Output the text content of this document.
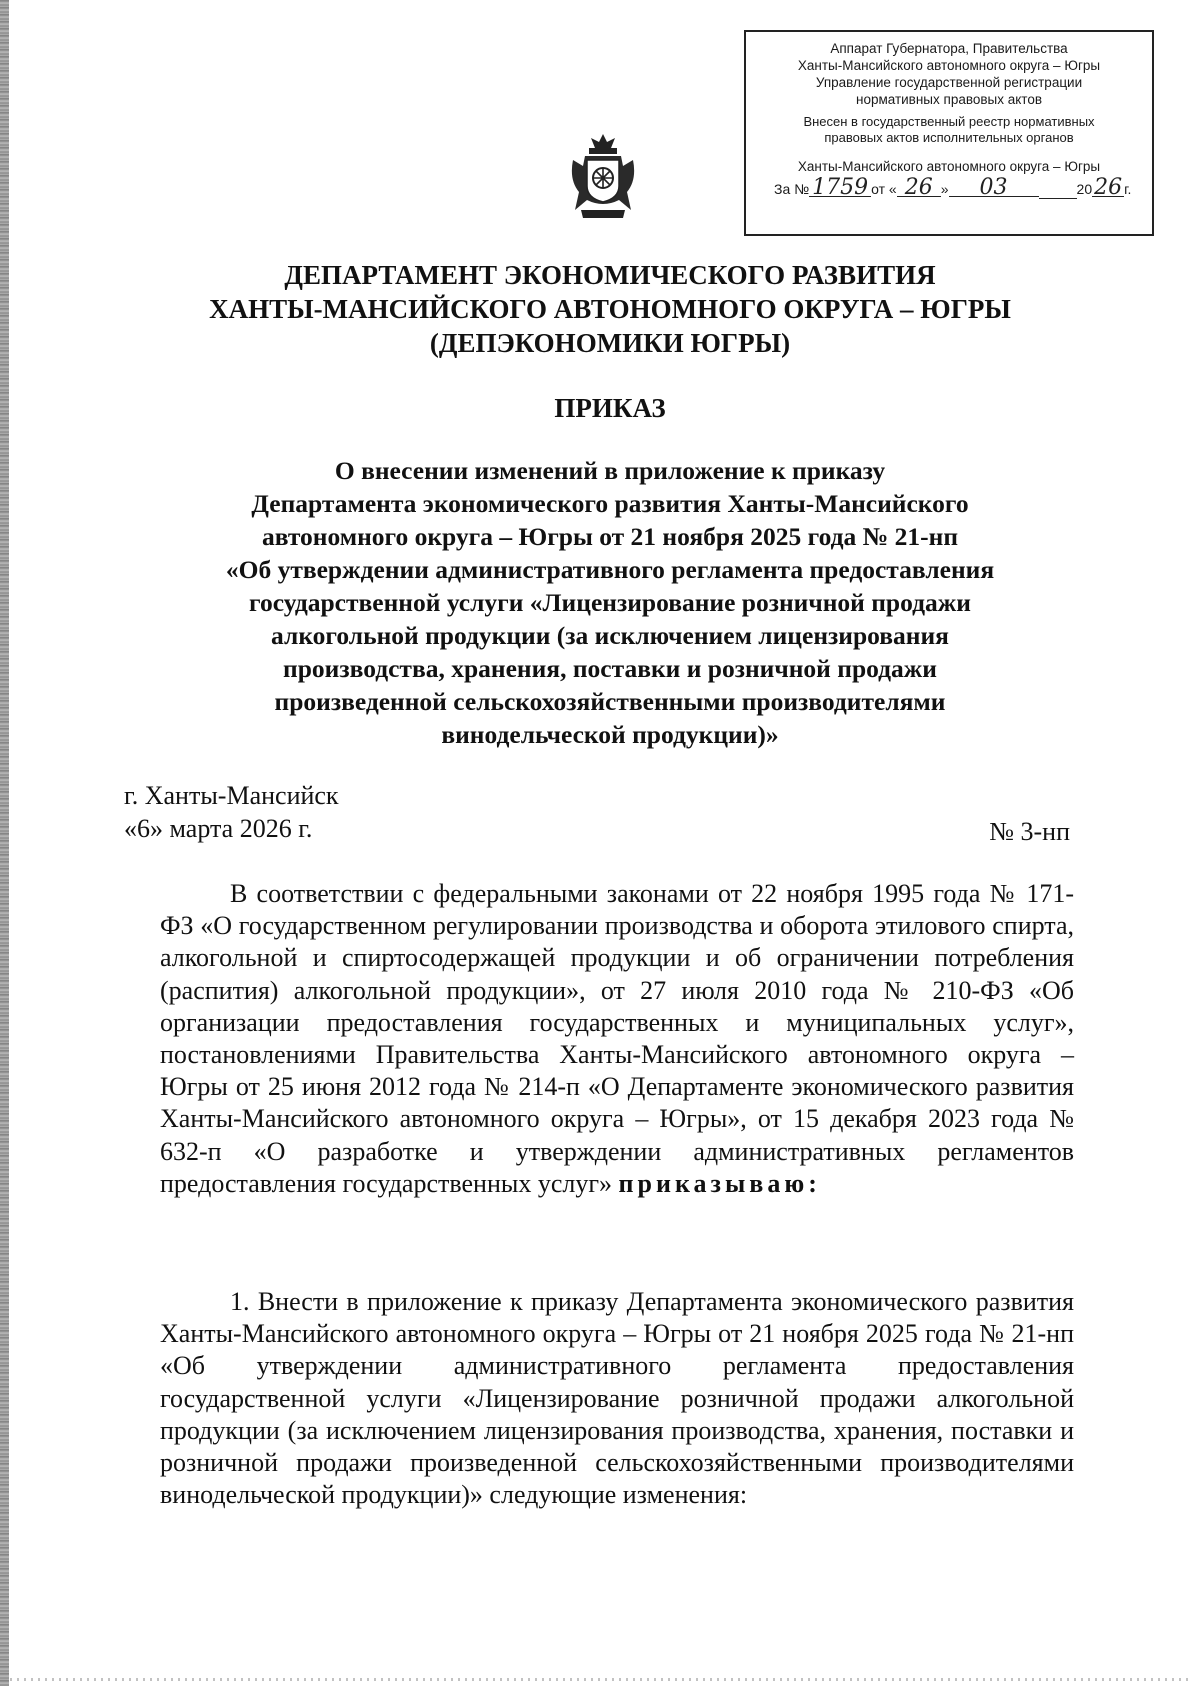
Аппарат Губернатора, Правительства
Ханты-Мансийского автономного округа – Югры
Управление государственной регистрации
нормативных правовых актов
Внесен в государственный реестр нормативных
правовых актов исполнительных органов
Ханты-Мансийского автономного округа – Югры
За № 1759 от « 26 » 03	2026 г.

ДЕПАРТАМЕНТ ЭКОНОМИЧЕСКОГО РАЗВИТИЯ

ХАНТЫ-МАНСИЙСКОГО АВТОНОМНОГО ОКРУГА – ЮГРЫ

(ДЕПЭКОНОМИКИ ЮГРЫ)

ПРИКАЗ

О внесении изменений в приложение к приказу

Департамента экономического развития Ханты-Мансийского

автономного округа – Югры от 21 ноября 2025 года № 21-нп

«Об утверждении административного регламента предоставления

государственной услуги «Лицензирование розничной продажи

алкогольной продукции (за исключением лицензирования

производства, хранения, поставки и розничной продажи

произведенной сельскохозяйственными производителями

винодельческой продукции)»

г. Ханты-Мансийск

«6» марта 2026 г.	№ 3-нп

В соответствии с федеральными законами от 22 ноября 1995 года № 171-ФЗ «О государственном регулировании производства и оборота этилового спирта, алкогольной и спиртосодержащей продукции и об ограничении потребления (распития) алкогольной продукции», от 27 июля 2010 года № 210-ФЗ «Об организации предоставления государственных и муниципальных услуг», постановлениями Правительства Ханты-Мансийского автономного округа – Югры от 25 июня 2012 года № 214-п «О Департаменте экономического развития Ханты-Мансийского автономного округа – Югры», от 15 декабря 2023 года № 632-п «О разработке и утверждении административных регламентов предоставления государственных услуг» приказываю:

1. Внести в приложение к приказу Департамента экономического развития Ханты-Мансийского автономного округа – Югры от 21 ноября 2025 года № 21-нп «Об утверждении административного регламента предоставления государственной услуги «Лицензирование розничной продажи алкогольной продукции (за исключением лицензирования производства, хранения, поставки и розничной продажи произведенной сельскохозяйственными производителями винодельческой продукции)» следующие изменения:
